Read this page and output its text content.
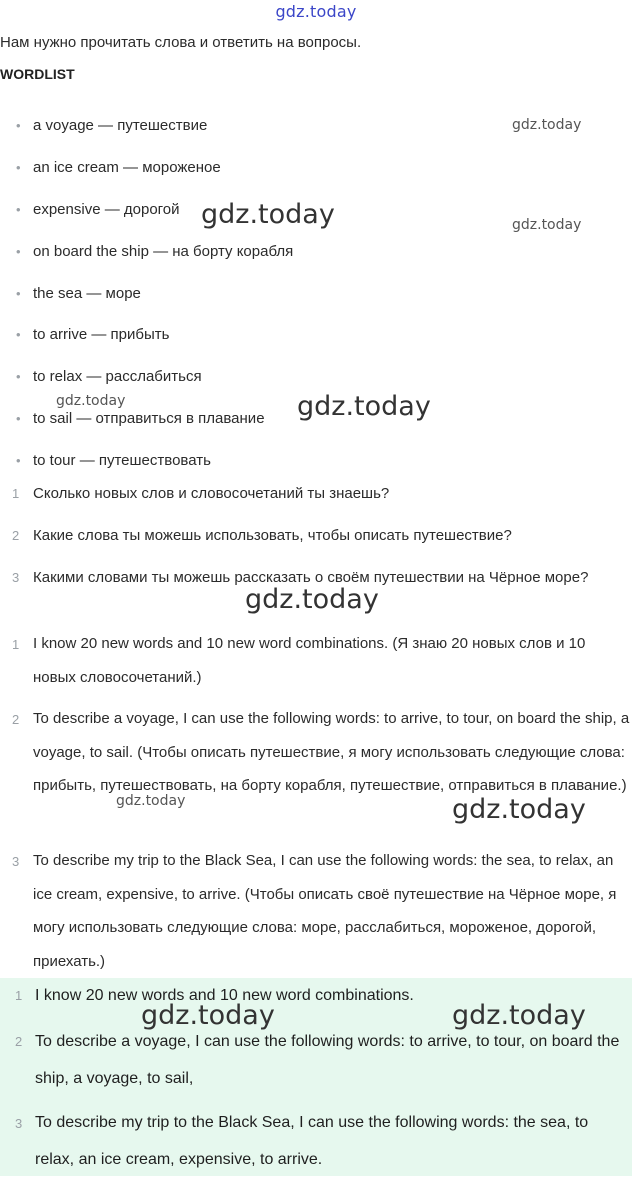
gdz.today
Нам нужно прочитать слова и ответить на вопросы.
WORDLIST
• a voyage — путешествие
• an ice cream — мороженое
• expensive — дорогой
• on board the ship — на борту корабля
• the sea — море
• to arrive — прибыть
• to relax — расслабиться
• to sail — отправиться в плавание
• to tour — путешествовать
1 Сколько новых слов и словосочетаний ты знаешь?
2 Какие слова ты можешь использовать, чтобы описать путешествие?
3 Какими словами ты можешь рассказать о своём путешествии на Чёрное море?
1 I know 20 new words and 10 new word combinations. (Я знаю 20 новых слов и 10 новых словосочетаний.)
2 To describe a voyage, I can use the following words: to arrive, to tour, on board the ship, a voyage, to sail. (Чтобы описать путешествие, я могу использовать следующие слова: прибыть, путешествовать, на борту корабля, путешествие, отправиться в плавание.)
3 To describe my trip to the Black Sea, I can use the following words: the sea, to relax, an ice cream, expensive, to arrive. (Чтобы описать своё путешествие на Чёрное море, я могу использовать следующие слова: море, расслабиться, мороженое, дорогой, приехать.)
1 I know 20 new words and 10 new word combinations.
2 To describe a voyage, I can use the following words: to arrive, to tour, on board the ship, a voyage, to sail,
3 To describe my trip to the Black Sea, I can use the following words: the sea, to relax, an ice cream, expensive, to arrive.
gdz.today
gdz.today	gdz.today
gdz.today	gdz.today
gdz.today
gdz.today	gdz.today
gdz.today	gdz.today
